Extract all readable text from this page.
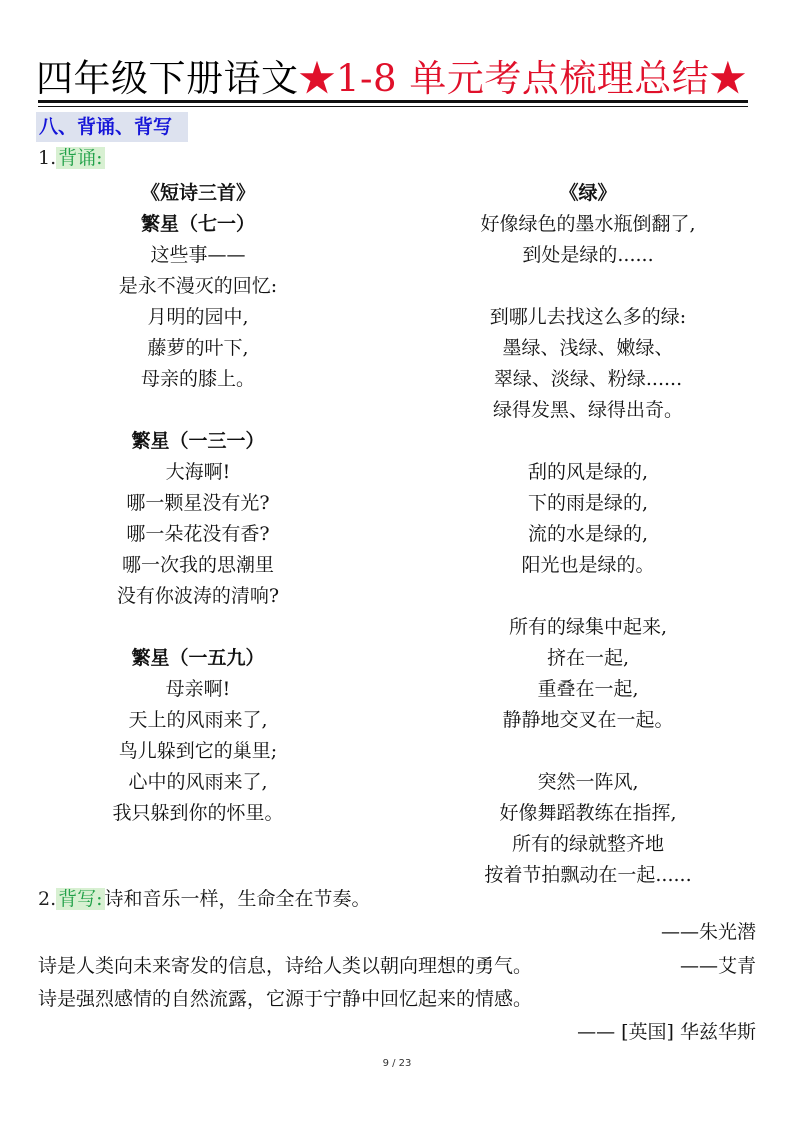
四年级下册语文★1-8 单元考点梳理总结★
八、背诵、背写
1. 背诵:
《短诗三首》
繁星（七一）
这些事——
是永不漫灭的回忆:
月明的园中,
藤萝的叶下,
母亲的膝上。
繁星（一三一）
大海啊!
哪一颗星没有光?
哪一朵花没有香?
哪一次我的思潮里
没有你波涛的清响?
繁星（一五九）
母亲啊!
天上的风雨来了,
鸟儿躲到它的巢里;
心中的风雨来了,
我只躲到你的怀里。
《绿》
好像绿色的墨水瓶倒翻了,
到处是绿的......
到哪儿去找这么多的绿:
墨绿、浅绿、嫩绿、
翠绿、淡绿、粉绿......
绿得发黑、绿得出奇。
刮的风是绿的,
下的雨是绿的,
流的水是绿的,
阳光也是绿的。
所有的绿集中起来,
挤在一起,
重叠在一起,
静静地交叉在一起。
突然一阵风,
好像舞蹈教练在指挥,
所有的绿就整齐地
按着节拍飘动在一起......
2. 背写: 诗和音乐一样，生命全在节奏。
——朱光潜
诗是人类向未来寄发的信息，诗给人类以朝向理想的勇气。	——艾青
诗是强烈感情的自然流露，它源于宁静中回忆起来的情感。
—— [英国] 华兹华斯
9 / 23
